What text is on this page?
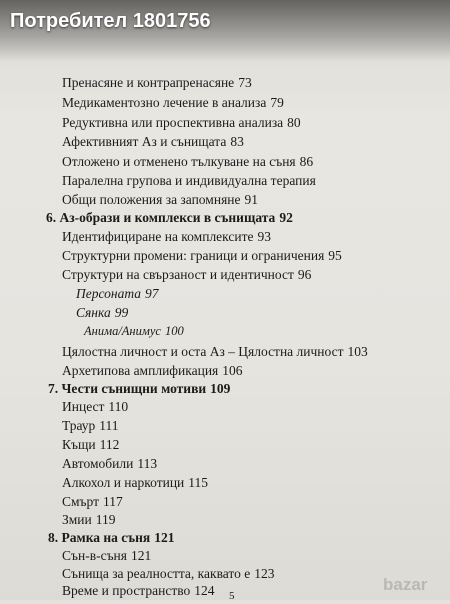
Пренасяне и контрапренасяне 73
Медикаментозно лечение в анализа 79
Редуктивна или проспективна анализа 80
Афективният Аз и сънищата 83
Отложено и отменено тълкуване на съня 86
Паралелна групова и индивидуална терапия
Общи положения за запомняне 91
6. Аз-образи и комплекси в сънищата 92
Идентифициране на комплексите 93
Структурни промени: граници и ограничения 95
Структури на свързаност и идентичност 96
Персоната 97
Сянка 99
Анима/Анимус 100
Цялостна личност и оста Аз – Цялостна личност 103
Архетипова амплификация 106
7. Чести сънищни мотиви 109
Инцест 110
Траур 111
Къщи 112
Автомобили 113
Алкохол и наркотици 115
Смърт 117
Змии 119
8. Рамка на съня 121
Сън-в-съня 121
Сънища за реалността, каквато е 123
Време и пространство 124
Потребител 1801756
5
bazar
